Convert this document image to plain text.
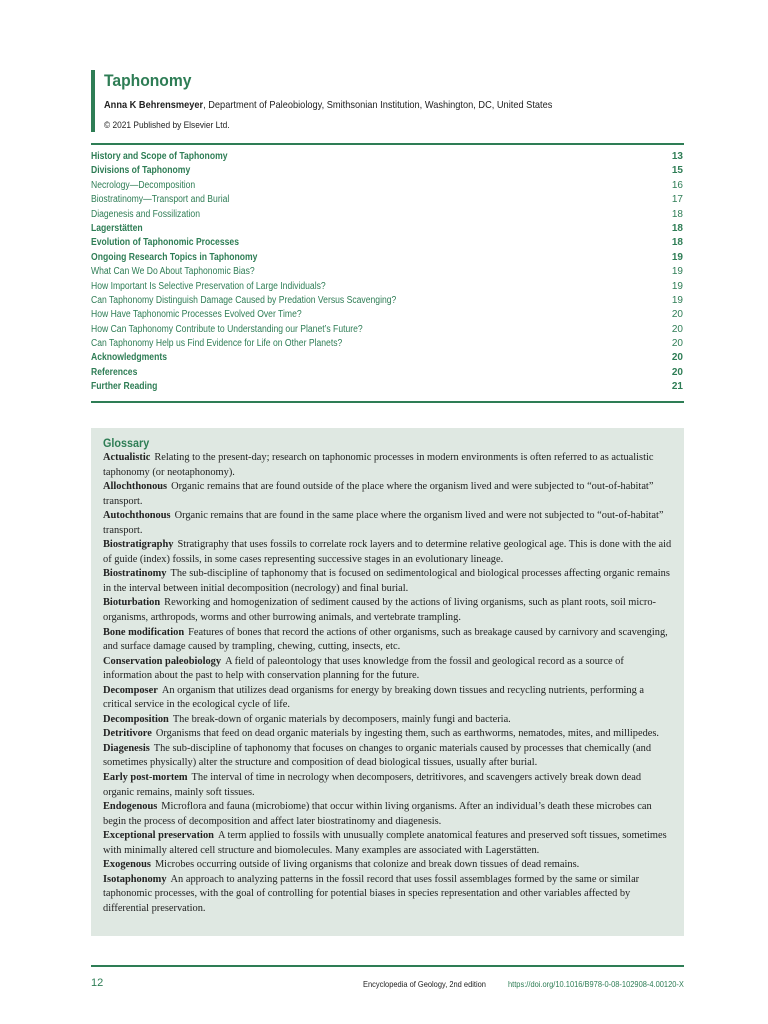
Taphonomy
Anna K Behrensmeyer, Department of Paleobiology, Smithsonian Institution, Washington, DC, United States
© 2021 Published by Elsevier Ltd.
History and Scope of Taphonomy	13
Divisions of Taphonomy	15
Necrology—Decomposition	16
Biostratinomy—Transport and Burial	17
Diagenesis and Fossilization	18
Lagerstätten	18
Evolution of Taphonomic Processes	18
Ongoing Research Topics in Taphonomy	19
What Can We Do About Taphonomic Bias?	19
How Important Is Selective Preservation of Large Individuals?	19
Can Taphonomy Distinguish Damage Caused by Predation Versus Scavenging?	19
How Have Taphonomic Processes Evolved Over Time?	20
How Can Taphonomy Contribute to Understanding our Planet’s Future?	20
Can Taphonomy Help us Find Evidence for Life on Other Planets?	20
Acknowledgments	20
References	20
Further Reading	21
Glossary

Actualistic Relating to the present-day; research on taphonomic processes in modern environments is often referred to as actualistic taphonomy (or neotaphonomy).

Allochthonous Organic remains that are found outside of the place where the organism lived and were subjected to “out-of-habitat” transport.

Autochthonous Organic remains that are found in the same place where the organism lived and were not subjected to “out-of-habitat” transport.

Biostratigraphy Stratigraphy that uses fossils to correlate rock layers and to determine relative geological age. This is done with the aid of guide (index) fossils, in some cases representing successive stages in an evolutionary lineage.

Biostratinomy The sub-discipline of taphonomy that is focused on sedimentological and biological processes affecting organic remains in the interval between initial decomposition (necrology) and final burial.

Bioturbation Reworking and homogenization of sediment caused by the actions of living organisms, such as plant roots, soil micro-organisms, arthropods, worms and other burrowing animals, and vertebrate trampling.

Bone modification Features of bones that record the actions of other organisms, such as breakage caused by carnivory and scavenging, and surface damage caused by trampling, chewing, cutting, insects, etc.

Conservation paleobiology A field of paleontology that uses knowledge from the fossil and geological record as a source of information about the past to help with conservation planning for the future.

Decomposer An organism that utilizes dead organisms for energy by breaking down tissues and recycling nutrients, performing a critical service in the ecological cycle of life.

Decomposition The break-down of organic materials by decomposers, mainly fungi and bacteria.

Detritivore Organisms that feed on dead organic materials by ingesting them, such as earthworms, nematodes, mites, and millipedes.

Diagenesis The sub-discipline of taphonomy that focuses on changes to organic materials caused by processes that chemically (and sometimes physically) alter the structure and composition of dead biological tissues, usually after burial.

Early post-mortem The interval of time in necrology when decomposers, detritivores, and scavengers actively break down dead organic remains, mainly soft tissues.

Endogenous Microflora and fauna (microbiome) that occur within living organisms. After an individual’s death these microbes can begin the process of decomposition and affect later biostratinomy and diagenesis.

Exceptional preservation A term applied to fossils with unusually complete anatomical features and preserved soft tissues, sometimes with minimally altered cell structure and biomolecules. Many examples are associated with Lagerstätten.

Exogenous Microbes occurring outside of living organisms that colonize and break down tissues of dead remains.

Isotaphonomy An approach to analyzing patterns in the fossil record that uses fossil assemblages formed by the same or similar taphonomic processes, with the goal of controlling for potential biases in species representation and other variables affected by differential preservation.

12	Encyclopedia of Geology, 2nd edition	https://doi.org/10.1016/B978-0-08-102908-4.00120-X
